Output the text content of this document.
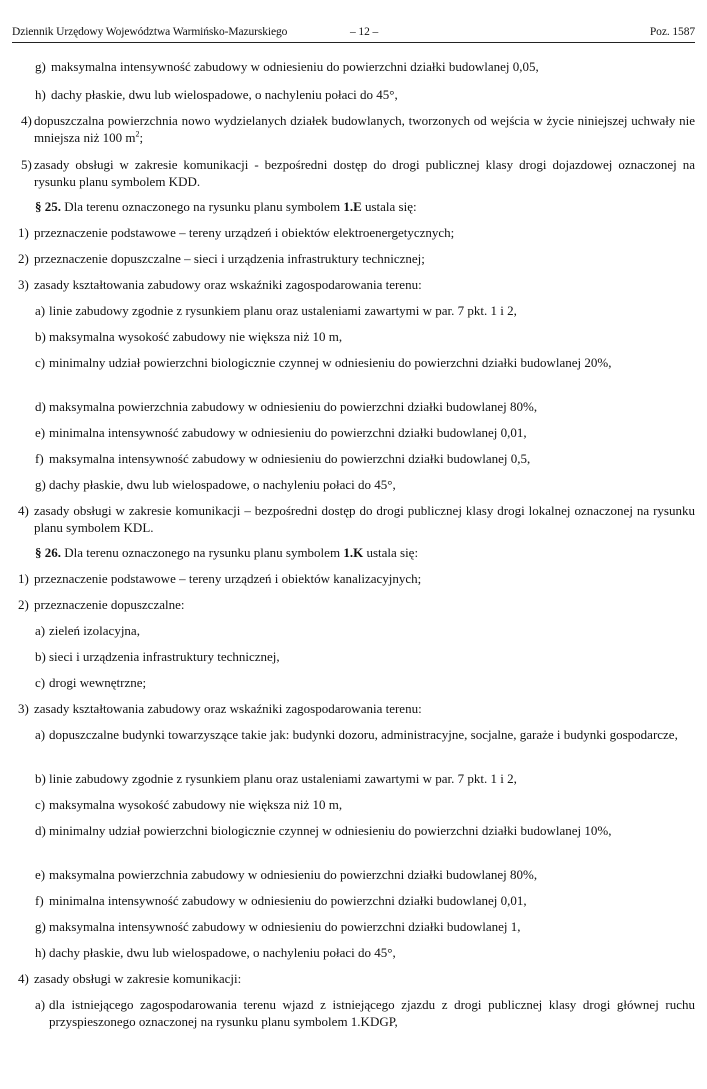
Dziennik Urzędowy Województwa Warmińsko-Mazurskiego	– 12 –	Poz. 1587
g) maksymalna intensywność zabudowy w odniesieniu do powierzchni działki budowlanej 0,05,
h) dachy płaskie, dwu lub wielospadowe, o nachyleniu połaci do 45°,
4) dopuszczalna powierzchnia nowo wydzielanych działek budowlanych, tworzonych od wejścia w życie niniejszej uchwały nie mniejsza niż 100 $m^2$;
5) zasady obsługi w zakresie komunikacji - bezpośredni dostęp do drogi publicznej klasy drogi dojazdowej oznaczonej na rysunku planu symbolem KDD.
§ 25. Dla terenu oznaczonego na rysunku planu symbolem 1.E ustala się:
1) przeznaczenie podstawowe – tereny urządzeń i obiektów elektroenergetycznych;
2) przeznaczenie dopuszczalne – sieci i urządzenia infrastruktury technicznej;
3) zasady kształtowania zabudowy oraz wskaźniki zagospodarowania terenu:
a) linie zabudowy zgodnie z rysunkiem planu oraz ustaleniami zawartymi w par. 7 pkt. 1 i 2,
b) maksymalna wysokość zabudowy nie większa niż 10 m,
c) minimalny udział powierzchni biologicznie czynnej w odniesieniu do powierzchni działki budowlanej 20%,
d) maksymalna powierzchnia zabudowy w odniesieniu do powierzchni działki budowlanej 80%,
e) minimalna intensywność zabudowy w odniesieniu do powierzchni działki budowlanej 0,01,
f) maksymalna intensywność zabudowy w odniesieniu do powierzchni działki budowlanej 0,5,
g) dachy płaskie, dwu lub wielospadowe, o nachyleniu połaci do 45°,
4) zasady obsługi w zakresie komunikacji – bezpośredni dostęp do drogi publicznej klasy drogi lokalnej oznaczonej na rysunku planu symbolem KDL.
§ 26. Dla terenu oznaczonego na rysunku planu symbolem 1.K ustala się:
1) przeznaczenie podstawowe – tereny urządzeń i obiektów kanalizacyjnych;
2) przeznaczenie dopuszczalne:
a) zieleń izolacyjna,
b) sieci i urządzenia infrastruktury technicznej,
c) drogi wewnętrzne;
3) zasady kształtowania zabudowy oraz wskaźniki zagospodarowania terenu:
a) dopuszczalne budynki towarzyszące takie jak: budynki dozoru, administracyjne, socjalne, garaże i budynki gospodarcze,
b) linie zabudowy zgodnie z rysunkiem planu oraz ustaleniami zawartymi w par. 7 pkt. 1 i 2,
c) maksymalna wysokość zabudowy nie większa niż 10 m,
d) minimalny udział powierzchni biologicznie czynnej w odniesieniu do powierzchni działki budowlanej 10%,
e) maksymalna powierzchnia zabudowy w odniesieniu do powierzchni działki budowlanej 80%,
f) minimalna intensywność zabudowy w odniesieniu do powierzchni działki budowlanej 0,01,
g) maksymalna intensywność zabudowy w odniesieniu do powierzchni działki budowlanej 1,
h) dachy płaskie, dwu lub wielospadowe, o nachyleniu połaci do 45°,
4) zasady obsługi w zakresie komunikacji:
a) dla istniejącego zagospodarowania terenu wjazd z istniejącego zjazdu z drogi publicznej klasy drogi głównej ruchu przyspieszonego oznaczonej na rysunku planu symbolem 1.KDGP,
